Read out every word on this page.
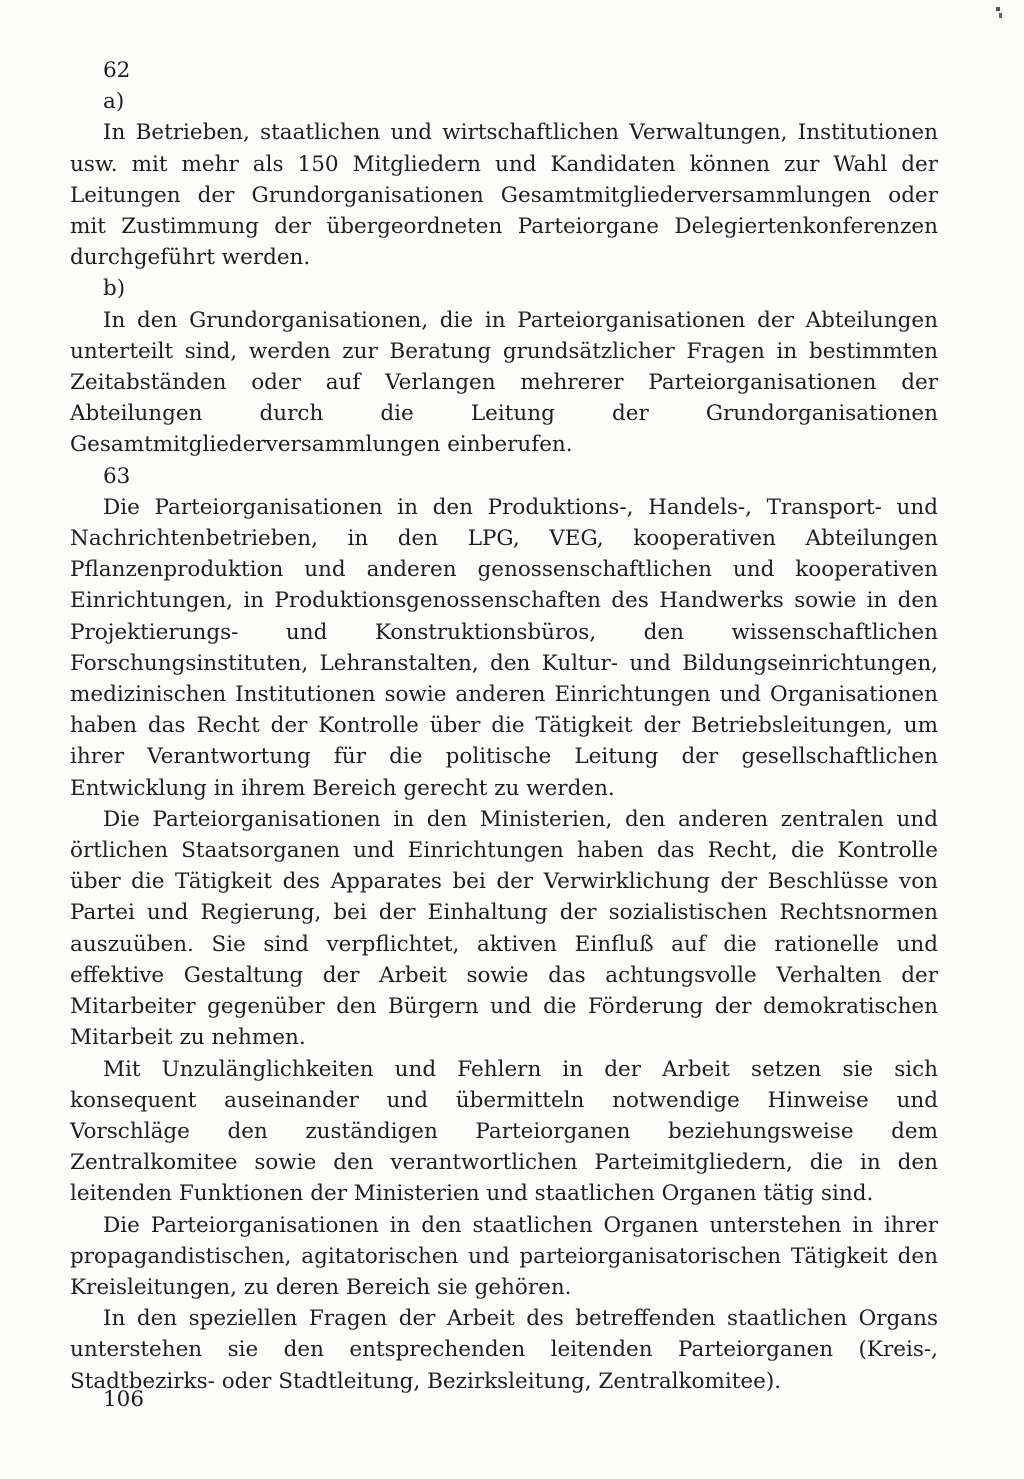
62
a)

In Betrieben, staatlichen und wirtschaftlichen Verwaltungen, Institutionen usw. mit mehr als 150 Mitgliedern und Kandidaten können zur Wahl der Leitungen der Grundorganisationen Gesamtmitgliederversammlungen oder mit Zustimmung der übergeordneten Parteiorgane Delegiertenkonferenzen durchgeführt werden.

b)

In den Grundorganisationen, die in Parteiorganisationen der Abteilungen unterteilt sind, werden zur Beratung grundsätzlicher Fragen in bestimmten Zeitabständen oder auf Verlangen mehrerer Parteiorganisationen der Abteilungen durch die Leitung der Grundorganisationen Gesamtmitgliederversammlungen einberufen.

63

Die Parteiorganisationen in den Produktions-, Handels-, Transport- und Nachrichtenbetrieben, in den LPG, VEG, kooperativen Abteilungen Pflanzenproduktion und anderen genossenschaftlichen und kooperativen Einrichtungen, in Produktionsgenossenschaften des Handwerks sowie in den Projektierungs- und Konstruktionsbüros, den wissenschaftlichen Forschungsinstituten, Lehranstalten, den Kultur- und Bildungseinrichtungen, medizinischen Institutionen sowie anderen Einrichtungen und Organisationen haben das Recht der Kontrolle über die Tätigkeit der Betriebsleitungen, um ihrer Verantwortung für die politische Leitung der gesellschaftlichen Entwicklung in ihrem Bereich gerecht zu werden.

Die Parteiorganisationen in den Ministerien, den anderen zentralen und örtlichen Staatsorganen und Einrichtungen haben das Recht, die Kontrolle über die Tätigkeit des Apparates bei der Verwirklichung der Beschlüsse von Partei und Regierung, bei der Einhaltung der sozialistischen Rechtsnormen auszuüben. Sie sind verpflichtet, aktiven Einfluß auf die rationelle und effektive Gestaltung der Arbeit sowie das achtungsvolle Verhalten der Mitarbeiter gegenüber den Bürgern und die Förderung der demokratischen Mitarbeit zu nehmen.

Mit Unzulänglichkeiten und Fehlern in der Arbeit setzen sie sich konsequent auseinander und übermitteln notwendige Hinweise und Vorschläge den zuständigen Parteiorganen beziehungsweise dem Zentralkomitee sowie den verantwortlichen Parteimitgliedern, die in den leitenden Funktionen der Ministerien und staatlichen Organen tätig sind.

Die Parteiorganisationen in den staatlichen Organen unterstehen in ihrer propagandistischen, agitatorischen und parteiorganisatorischen Tätigkeit den Kreisleitungen, zu deren Bereich sie gehören.

In den speziellen Fragen der Arbeit des betreffenden staatlichen Organs unterstehen sie den entsprechenden leitenden Parteiorganen (Kreis-, Stadtbezirks- oder Stadtleitung, Bezirksleitung, Zentralkomitee).

106
